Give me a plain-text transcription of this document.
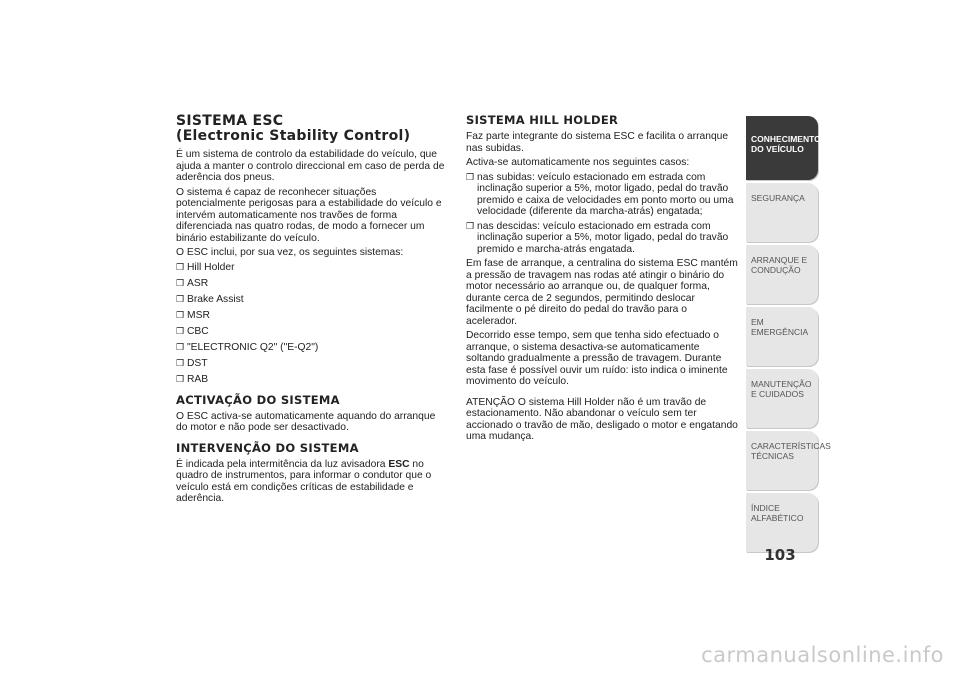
SISTEMA ESC
(Electronic Stability Control)

É um sistema de controlo da estabilidade do veículo, que ajuda a manter o controlo direccional em caso de perda de aderência dos pneus.

O sistema é capaz de reconhecer situações potencialmente perigosas para a estabilidade do veículo e intervém automaticamente nos travões de forma diferenciada nas quatro rodas, de modo a fornecer um binário estabilizante do veículo.

O ESC inclui, por sua vez, os seguintes sistemas:

❒ Hill Holder
❒ ASR
❒ Brake Assist
❒ MSR
❒ CBC
❒ "ELECTRONIC Q2" ("E-Q2")
❒ DST
❒ RAB
ACTIVAÇÃO DO SISTEMA

O ESC activa-se automaticamente aquando do arranque do motor e não pode ser desactivado.

INTERVENÇÃO DO SISTEMA

É indicada pela intermitência da luz avisadora ESC no quadro de instrumentos, para informar o condutor que o veículo está em condições críticas de estabilidade e aderência.

SISTEMA HILL HOLDER

Faz parte integrante do sistema ESC e facilita o arranque nas subidas.

Activa-se automaticamente nos seguintes casos:

❒ nas subidas: veículo estacionado em estrada com inclinação superior a 5%, motor ligado, pedal do travão premido e caixa de velocidades em ponto morto ou uma velocidade (diferente da marcha-atrás) engatada;
❒ nas descidas: veículo estacionado em estrada com inclinação superior a 5%, motor ligado, pedal do travão premido e marcha-atrás engatada.

Em fase de arranque, a centralina do sistema ESC mantém a pressão de travagem nas rodas até atingir o binário do motor necessário ao arranque ou, de qualquer forma, durante cerca de 2 segundos, permitindo deslocar facilmente o pé direito do pedal do travão para o acelerador.

Decorrido esse tempo, sem que tenha sido efectuado o arranque, o sistema desactiva-se automaticamente soltando gradualmente a pressão de travagem. Durante esta fase é possível ouvir um ruído: isto indica o iminente movimento do veículo.

ATENÇÃO O sistema Hill Holder não é um travão de estacionamento. Não abandonar o veículo sem ter accionado o travão de mão, desligado o motor e engatando uma mudança.

CONHECIMENTO DO VEÍCULO
SEGURANÇA
ARRANQUE E CONDUÇÃO
EM EMERGÊNCIA
MANUTENÇÃO E CUIDADOS
CARACTERÍSTICAS TÉCNICAS
ÍNDICE ALFABÉTICO
103
carmanualsonline.info
